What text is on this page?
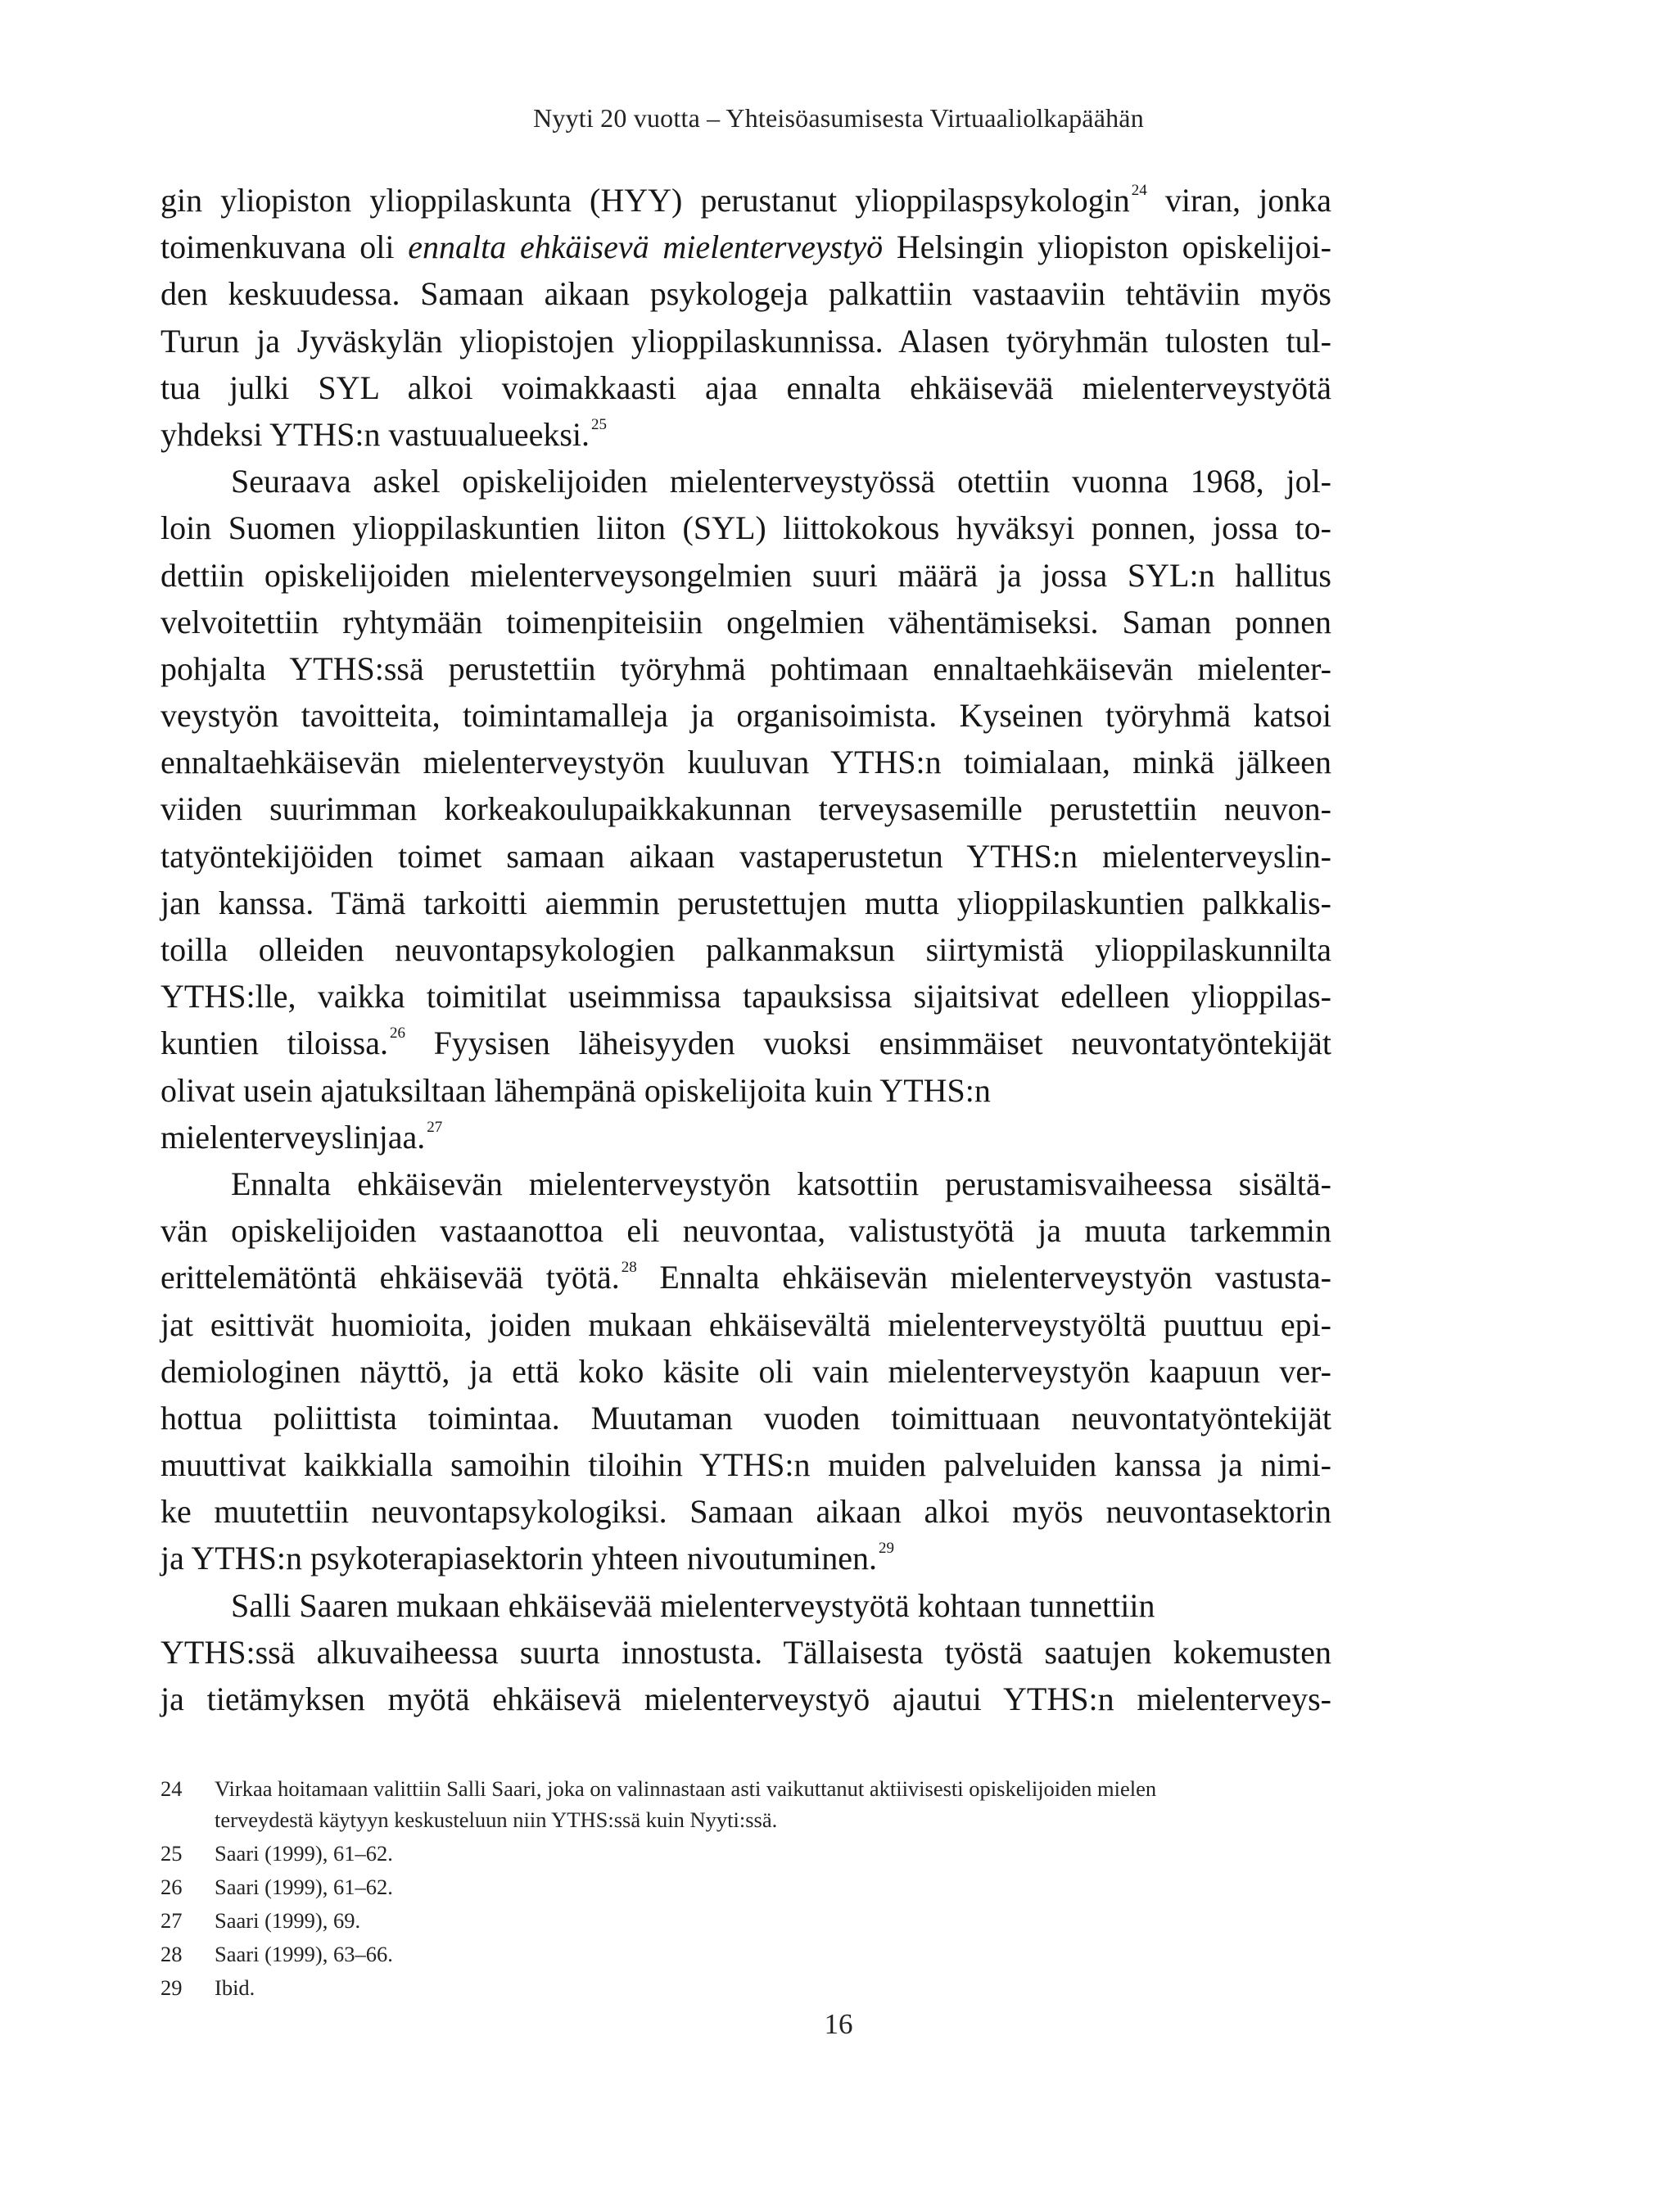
Nyyti 20 vuotta – Yhteisöasumisesta Virtuaaliolkapäähän
gin yliopiston ylioppilaskunta (HYY) perustanut ylioppilaspsykologin $^{24}$ viran, jonka
toimenkuvana oli ennalta ehkäisevä mielenterveystyö Helsingin yliopiston opiskelijoi-
den keskuudessa. Samaan aikaan psykologeja palkattiin vastaaviin tehtäviin myös
Turun ja Jyväskylän yliopistojen ylioppilaskunnissa. Alasen työryhmän tulosten tul-
tua julki SYL alkoi voimakkaasti ajaa ennalta ehkäisevää mielenterveystyötä
yhdeksi YTHS:n vastuualueeksi. $^{25}$
Seuraava askel opiskelijoiden mielenterveystyössä otettiin vuonna 1968, jol-
loin Suomen ylioppilaskuntien liiton (SYL) liittokokous hyväksyi ponnen, jossa to-
dettiin opiskelijoiden mielenterveysongelmien suuri määrä ja jossa SYL:n hallitus
velvoitettiin ryhtymään toimenpiteisiin ongelmien vähentämiseksi. Saman ponnen
pohjalta YTHS:ssä perustettiin työryhmä pohtimaan ennaltaehkäisevän mielenter-
veystyön tavoitteita, toimintamalleja ja organisoimista. Kyseinen työryhmä katsoi
ennaltaehkäisevän mielenterveystyön kuuluvan YTHS:n toimialaan, minkä jälkeen
viiden suurimman korkeakoulupaikkakunnan terveysasemille perustettiin neuvon-
tatyöntekijöiden toimet samaan aikaan vastaperustetun YTHS:n mielenterveyslin-
jan kanssa. Tämä tarkoitti aiemmin perustettujen mutta ylioppilaskuntien palkkalis-
toilla olleiden neuvontapsykologien palkanmaksun siirtymistä ylioppilaskunnilta
YTHS:lle, vaikka toimitilat useimmissa tapauksissa sijaitsivat edelleen ylioppilas-
kuntien tiloissa. $^{26}$ Fyysisen läheisyyden vuoksi ensimmäiset neuvontatyöntekijät
olivat usein ajatuksiltaan lähempänä opiskelijoita kuin YTHS:n
mielenterveyslinjaa. $^{27}$
Ennalta ehkäisevän mielenterveystyön katsottiin perustamisvaiheessa sisältä-
vän opiskelijoiden vastaanottoa eli neuvontaa, valistustyötä ja muuta tarkemmin
erittelemätöntä ehkäisevää työtä. $^{28}$ Ennalta ehkäisevän mielenterveystyön vastusta-
jat esittivät huomioita, joiden mukaan ehkäisevältä mielenterveystyöltä puuttuu epi-
demiologinen näyttö, ja että koko käsite oli vain mielenterveystyön kaapuun ver-
hottua poliittista toimintaa. Muutaman vuoden toimittuaan neuvontatyöntekijät
muuttivat kaikkialla samoihin tiloihin YTHS:n muiden palveluiden kanssa ja nimi-
ke muutettiin neuvontapsykologiksi. Samaan aikaan alkoi myös neuvontasektorin
ja YTHS:n psykoterapiasektorin yhteen nivoutuminen. $^{29}$
Salli Saaren mukaan ehkäisevää mielenterveystyötä kohtaan tunnettiin
YTHS:ssä alkuvaiheessa suurta innostusta. Tällaisesta työstä saatujen kokemusten
ja tietämyksen myötä ehkäisevä mielenterveystyö ajautui YTHS:n mielenterveys-
24 Virkaa hoitamaan valittiin Salli Saari, joka on valinnastaan asti vaikuttanut aktiivisesti opiskelijoiden mielen
terveydestä käytyyn keskusteluun niin YTHS:ssä kuin Nyyti:ssä.
25 Saari (1999), 61–62.
26 Saari (1999), 61–62.
27 Saari (1999), 69.
28 Saari (1999), 63–66.
29 Ibid.
16
